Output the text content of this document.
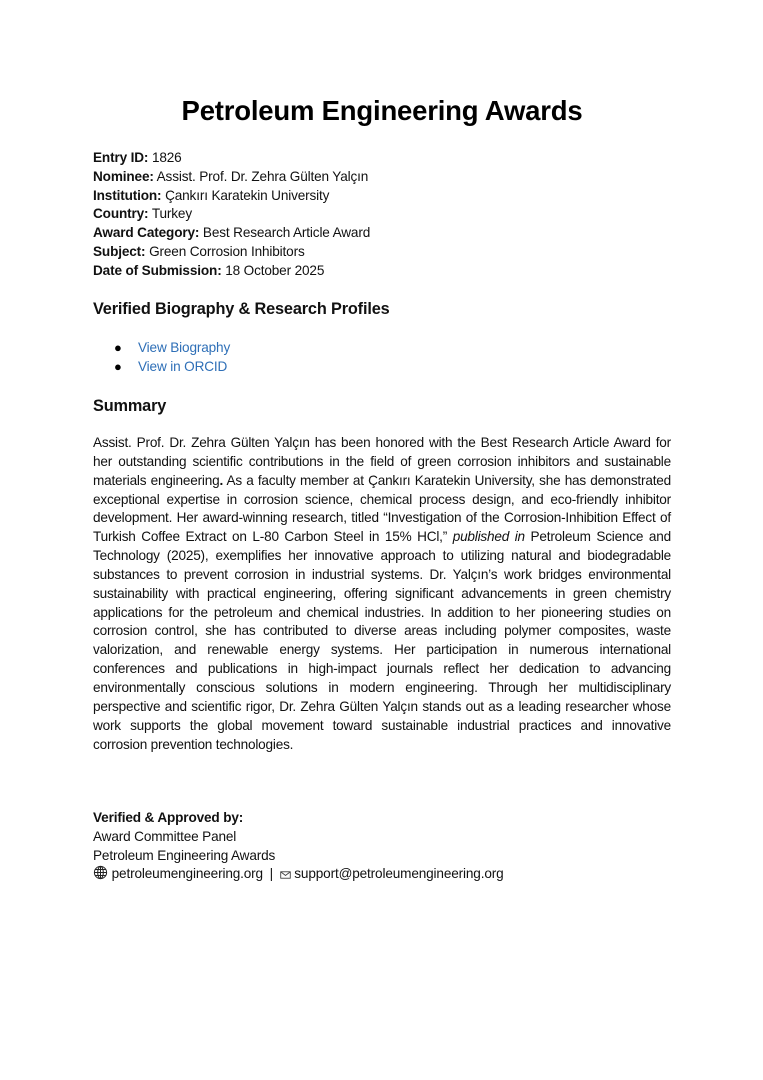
Petroleum Engineering Awards
Entry ID: 1826
Nominee: Assist. Prof. Dr. Zehra Gülten Yalçın
Institution: Çankırı Karatekin University
Country: Turkey
Award Category: Best Research Article Award
Subject: Green Corrosion Inhibitors
Date of Submission: 18 October 2025
Verified Biography & Research Profiles
● View Biography
● View in ORCID
Summary

Assist. Prof. Dr. Zehra Gülten Yalçın has been honored with the Best Research Article Award for her outstanding scientific contributions in the field of green corrosion inhibitors and sustainable materials engineering. As a faculty member at Çankırı Karatekin University, she has demonstrated exceptional expertise in corrosion science, chemical process design, and eco-friendly inhibitor development. Her award-winning research, titled “Investigation of the Corrosion-Inhibition Effect of Turkish Coffee Extract on L-80 Carbon Steel in 15% HCl,” published in Petroleum Science and Technology (2025), exemplifies her innovative approach to utilizing natural and biodegradable substances to prevent corrosion in industrial systems. Dr. Yalçın’s work bridges environmental sustainability with practical engineering, offering significant advancements in green chemistry applications for the petroleum and chemical industries. In addition to her pioneering studies on corrosion control, she has contributed to diverse areas including polymer composites, waste valorization, and renewable energy systems. Her participation in numerous international conferences and publications in high-impact journals reflect her dedication to advancing environmentally conscious solutions in modern engineering. Through her multidisciplinary perspective and scientific rigor, Dr. Zehra Gülten Yalçın stands out as a leading researcher whose work supports the global movement toward sustainable industrial practices and innovative corrosion prevention technologies.

Verified & Approved by:
Award Committee Panel
Petroleum Engineering Awards
petroleumengineering.org | support@petroleumengineering.org
